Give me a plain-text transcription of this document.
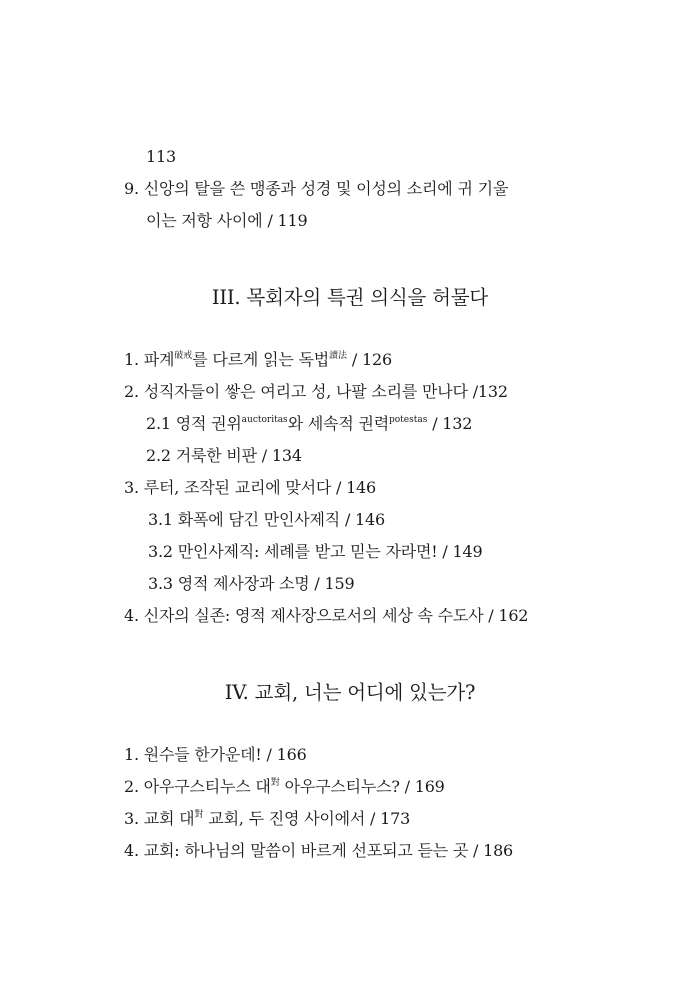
113
9. 신앙의 탈을 쓴 맹종과 성경 및 이성의 소리에 귀 기울
이는 저항 사이에 / 119
III. 목회자의 특권 의식을 허물다
1. 파계$^{破戒}$를 다르게 읽는 독법$^{讀法}$ / 126
2. 성직자들이 쌓은 여리고 성, 나팔 소리를 만나다 /132
2.1 영적 권위$^{auctoritas}$와 세속적 권력$^{potestas}$ / 132
2.2 거룩한 비판 / 134
3. 루터, 조작된 교리에 맞서다 / 146
3.1 화폭에 담긴 만인사제직 / 146
3.2 만인사제직: 세례를 받고 믿는 자라면! / 149
3.3 영적 제사장과 소명 / 159
4. 신자의 실존: 영적 제사장으로서의 세상 속 수도사 / 162
IV. 교회, 너는 어디에 있는가?
1. 원수들 한가운데! / 166
2. 아우구스티누스 대$^對$ 아우구스티누스? / 169
3. 교회 대$^對$ 교회, 두 진영 사이에서 / 173
4. 교회: 하나님의 말씀이 바르게 선포되고 듣는 곳 / 186
